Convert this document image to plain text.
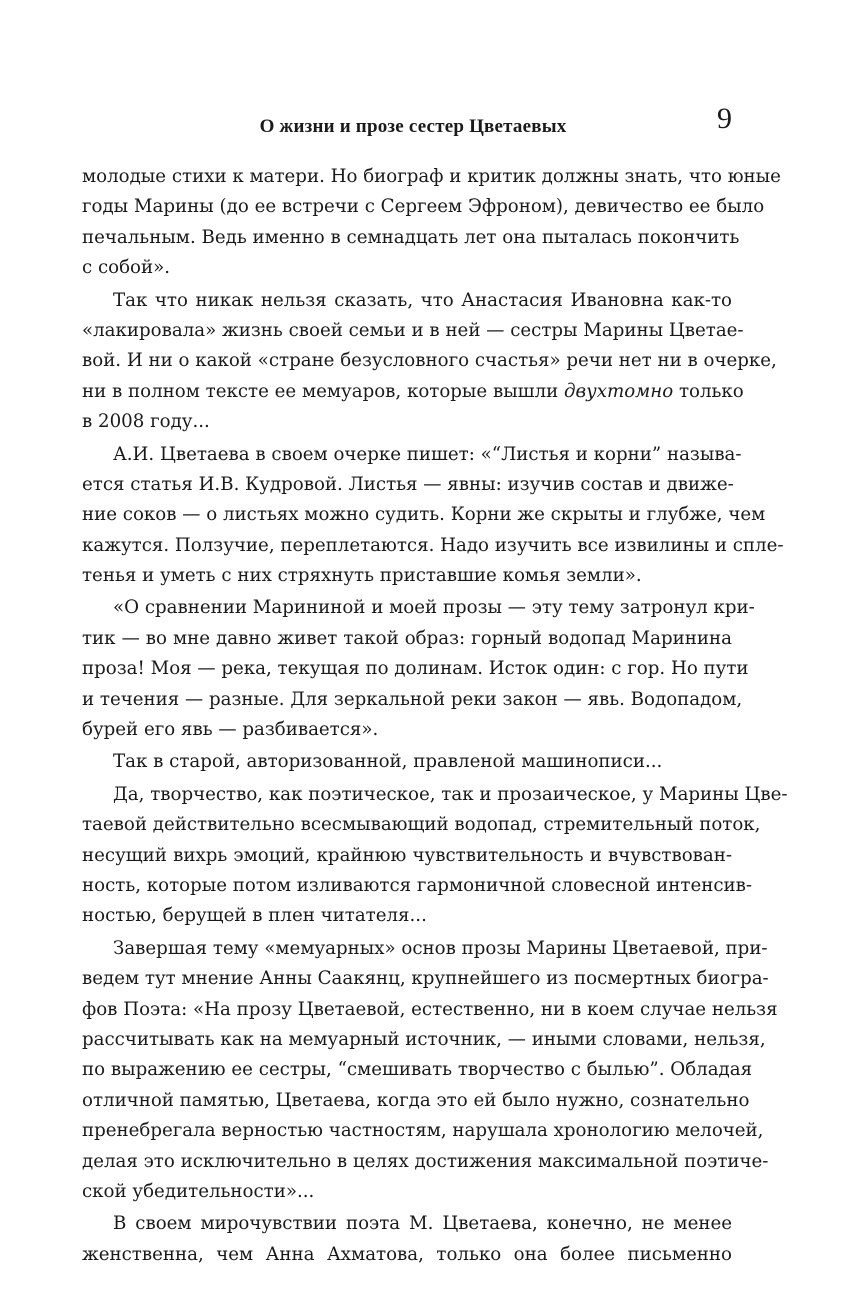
О жизни и прозе сестер Цветаевых	9
молодые стихи к матери. Но биограф и критик должны знать, что юные
годы Марины (до ее встречи с Сергеем Эфроном), девичество ее было
печальным. Ведь именно в семнадцать лет она пыталась покончить
с собой».
Так что никак нельзя сказать, что Анастасия Ивановна как-то
«лакировала» жизнь своей семьи и в ней — сестры Марины Цветае-
вой. И ни о какой «стране безусловного счастья» речи нет ни в очерке,
ни в полном тексте ее мемуаров, которые вышли двухтомно только
в 2008 году...
А.И. Цветаева в своем очерке пишет: «“Листья и корни” называ-
ется статья И.В. Кудровой. Листья — явны: изучив состав и движе-
ние соков — о листьях можно судить. Корни же скрыты и глубже, чем
кажутся. Ползучие, переплетаются. Надо изучить все извилины и спле-
тенья и уметь с них стряхнуть приставшие комья земли».
«О сравнении Марининой и моей прозы — эту тему затронул кри-
тик — во мне давно живет такой образ: горный водопад Маринина
проза! Моя — река, текущая по долинам. Исток один: с гор. Но пути
и течения — разные. Для зеркальной реки закон — явь. Водопадом,
бурей его явь — разбивается».
Так в старой, авторизованной, правленой машинописи...
Да, творчество, как поэтическое, так и прозаическое, у Марины Цве-
таевой действительно всесмывающий водопад, стремительный поток,
несущий вихрь эмоций, крайнюю чувствительность и вчувствован-
ность, которые потом изливаются гармоничной словесной интенсив-
ностью, берущей в плен читателя...
Завершая тему «мемуарных» основ прозы Марины Цветаевой, при-
ведем тут мнение Анны Саакянц, крупнейшего из посмертных биогра-
фов Поэта: «На прозу Цветаевой, естественно, ни в коем случае нельзя
рассчитывать как на мемуарный источник, — иными словами, нельзя,
по выражению ее сестры, “смешивать творчество с былью”. Обладая
отличной памятью, Цветаева, когда это ей было нужно, сознательно
пренебрегала верностью частностям, нарушала хронологию мелочей,
делая это исключительно в целях достижения максимальной поэтиче-
ской убедительности»...
В своем мирочувствии поэта М. Цветаева, конечно, не менее
женственна, чем Анна Ахматова, только она более письменно
